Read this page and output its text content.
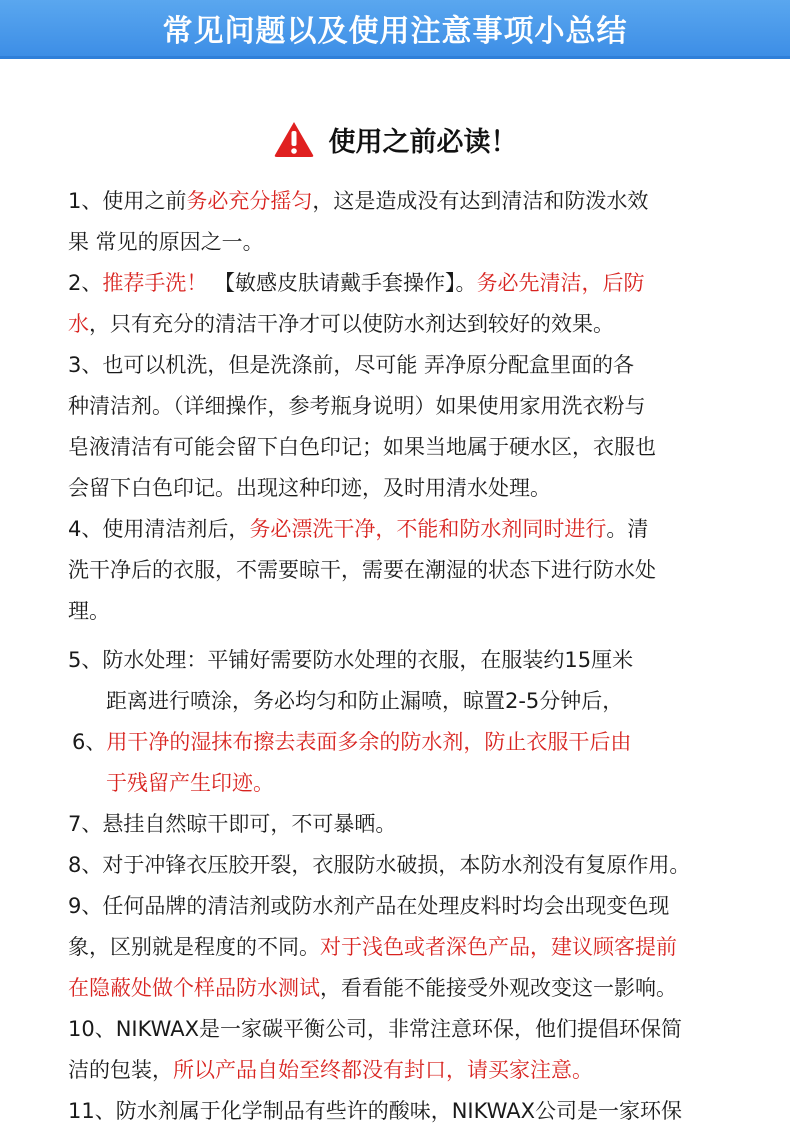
常见问题以及使用注意事项小总结
使用之前必读！
1、使用之前务必充分摇匀，这是造成没有达到清洁和防泼水效
果 常见的原因之一。
2、推荐手洗！ 【敏感皮肤请戴手套操作】。务必先清洁，后防
水，只有充分的清洁干净才可以使防水剂达到较好的效果。
3、也可以机洗，但是洗涤前，尽可能 弄净原分配盒里面的各
种清洁剂。（详细操作，参考瓶身说明）如果使用家用洗衣粉与
皂液清洁有可能会留下白色印记；如果当地属于硬水区，衣服也
会留下白色印记。出现这种印迹，及时用清水处理。
4、使用清洁剂后，务必漂洗干净，不能和防水剂同时进行。清
洗干净后的衣服，不需要晾干，需要在潮湿的状态下进行防水处
理。
5、防水处理：平铺好需要防水处理的衣服，在服装约15厘米
距离进行喷涂，务必均匀和防止漏喷，晾置2-5分钟后，
6、用干净的湿抹布擦去表面多余的防水剂，防止衣服干后由
于残留产生印迹。
7、悬挂自然晾干即可，不可暴晒。
8、对于冲锋衣压胶开裂，衣服防水破损，本防水剂没有复原作用。
9、任何品牌的清洁剂或防水剂产品在处理皮料时均会出现变色现
象，区别就是程度的不同。对于浅色或者深色产品，建议顾客提前
在隐蔽处做个样品防水测试，看看能不能接受外观改变这一影响。
10、NIKWAX是一家碳平衡公司，非常注意环保，他们提倡环保简
洁的包装，所以产品自始至终都没有封口，请买家注意。
11、防水剂属于化学制品有些许的酸味，NIKWAX公司是一家环保
